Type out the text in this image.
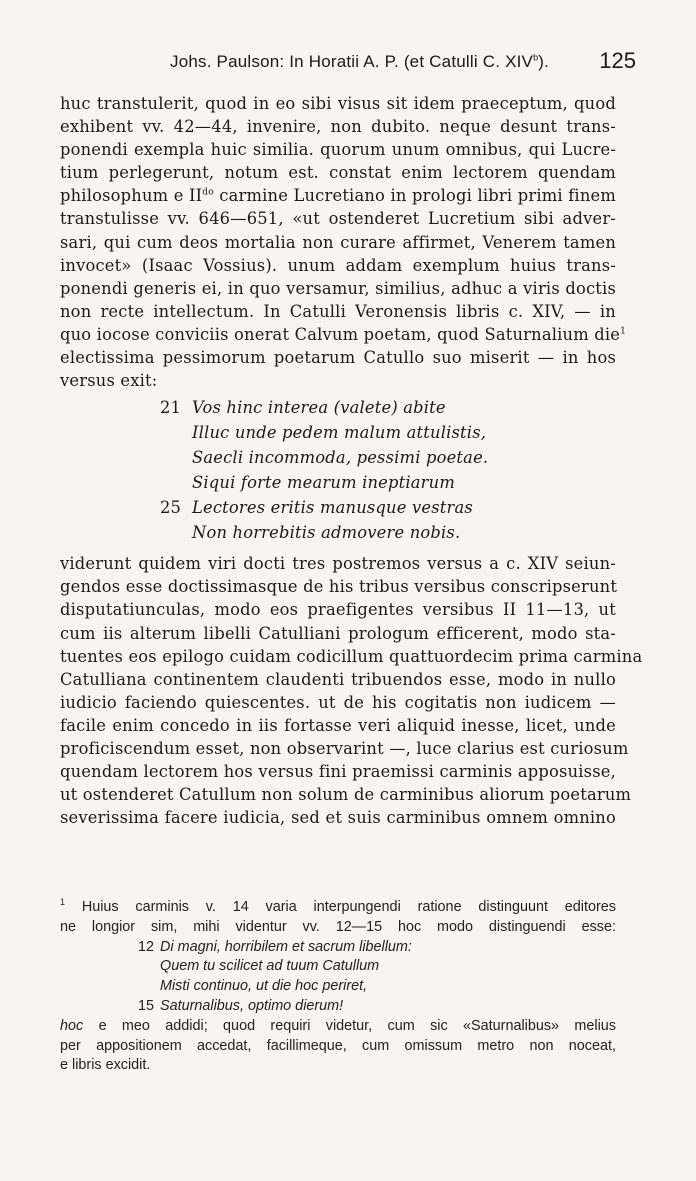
Johs. Paulson: In Horatii A. P. (et Catulli C. XIV$^b$). 125
huc transtulerit, quod in eo sibi visus sit idem praeceptum, quod
exhibent vv. 42—44, invenire, non dubito. neque desunt trans-
ponendi exempla huic similia. quorum unum omnibus, qui Lucre-
tium perlegerunt, notum est. constat enim lectorem quendam
philosophum e $II^{do}$ carmine Lucretiano in prologi libri primi finem
transtulisse vv. 646—651, «ut ostenderet Lucretium sibi adver-
sari, qui cum deos mortalia non curare affirmet, Venerem tamen
invocet» (Isaac Vossius). unum addam exemplum huius trans-
ponendi generis ei, in quo versamur, similius, adhuc a viris doctis
non recte intellectum. In Catulli Veronensis libris c. XIV, — in
quo iocose conviciis onerat Calvum poetam, quod Saturnalium die$^1$
electissima pessimorum poetarum Catullo suo miserit — in hos
versus exit:
21 Vos hinc interea (valete) abite
Illuc unde pedem malum attulistis,
Saecli incommoda, pessimi poetae.
Siqui forte mearum ineptiarum
25 Lectores eritis manusque vestras
Non horrebitis admovere nobis.
viderunt quidem viri docti tres postremos versus a c. XIV seiun-
gendos esse doctissimasque de his tribus versibus conscripserunt
disputatiunculas, modo eos praefigentes versibus II 11—13, ut
cum iis alterum libelli Catulliani prologum efficerent, modo sta-
tuentes eos epilogo cuidam codicillum quattuordecim prima carmina
Catulliana continentem claudenti tribuendos esse, modo in nullo
iudicio faciendo quiescentes. ut de his cogitatis non iudicem —
facile enim concedo in iis fortasse veri aliquid inesse, licet, unde
proficiscendum esset, non observarint —, luce clarius est curiosum
quendam lectorem hos versus fini praemissi carminis apposuisse,
ut ostenderet Catullum non solum de carminibus aliorum poetarum
severissima facere iudicia, sed et suis carminibus omnem omnino
$^1$ Huius carminis v. 14 varia interpungendi ratione distinguunt editores
ne longior sim, mihi videntur vv. 12—15 hoc modo distinguendi esse:
12 Di magni, horribilem et sacrum libellum:
Quem tu scilicet ad tuum Catullum
Misti continuo, ut die hoc periret,
15 Saturnalibus, optimo dierum!
hoc e meo addidi; quod requiri videtur, cum sic «Saturnalibus» melius
per appositionem accedat, facillimeque, cum omissum metro non noceat,
e libris excidit.
